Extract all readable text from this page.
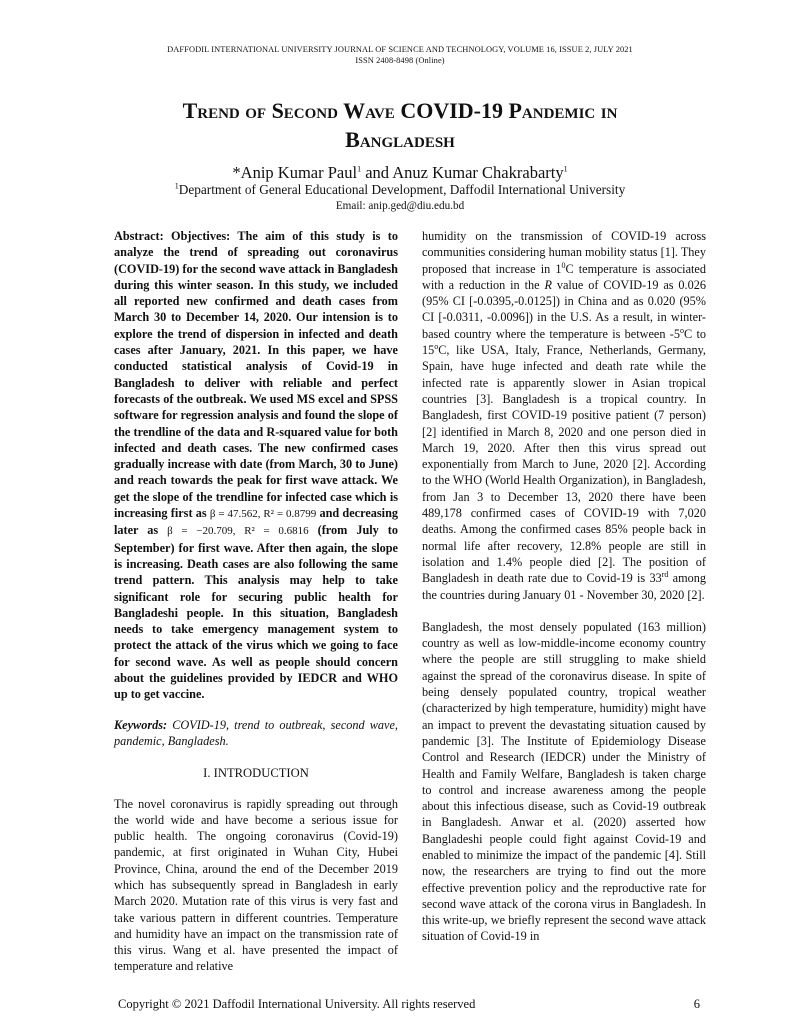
DAFFODIL INTERNATIONAL UNIVERSITY JOURNAL OF SCIENCE AND TECHNOLOGY, VOLUME 16, ISSUE 2, JULY 2021
ISSN 2408-8498 (Online)
Trend of Second Wave COVID-19 Pandemic in
Bangladesh
*Anip Kumar Paul$^1$ and Anuz Kumar Chakrabarty$^1$
$^1$Department of General Educational Development, Daffodil International University
Email: anip.ged@diu.edu.bd

Abstract: Objectives: The aim of this study is to analyze the trend of spreading out coronavirus (COVID-19) for the second wave attack in Bangladesh during this winter season. In this study, we included all reported new confirmed and death cases from March 30 to December 14, 2020. Our intension is to explore the trend of dispersion in infected and death cases after January, 2021. In this paper, we have conducted statistical analysis of Covid-19 in Bangladesh to deliver with reliable and perfect forecasts of the outbreak. We used MS excel and SPSS software for regression analysis and found the slope of the trendline of the data and R-squared value for both infected and death cases. The new confirmed cases gradually increase with date (from March, 30 to June) and reach towards the peak for first wave attack. We get the slope of the trendline for infected case which is increasing first as β = 47.562, R² = 0.8799 and decreasing later as β = −20.709, R² = 0.6816 (from July to September) for first wave. After then again, the slope is increasing. Death cases are also following the same trend pattern. This analysis may help to take significant role for securing public health for Bangladeshi people. In this situation, Bangladesh needs to take emergency management system to protect the attack of the virus which we going to face for second wave. As well as people should concern about the guidelines provided by IEDCR and WHO up to get vaccine.

Keywords: COVID-19, trend to outbreak, second wave, pandemic, Bangladesh.

I. INTRODUCTION

The novel coronavirus is rapidly spreading out through the world wide and have become a serious issue for public health. The ongoing coronavirus (Covid-19) pandemic, at first originated in Wuhan City, Hubei Province, China, around the end of the December 2019 which has subsequently spread in Bangladesh in early March 2020. Mutation rate of this virus is very fast and take various pattern in different countries. Temperature and humidity have an impact on the transmission rate of this virus. Wang et al. have presented the impact of temperature and relative

humidity on the transmission of COVID-19 across communities considering human mobility status [1]. They proposed that increase in $1^0C$ temperature is associated with a reduction in the R value of COVID-19 as 0.026 (95% CI [-0.0395,-0.0125]) in China and as 0.020 (95% CI [-0.0311, -0.0096]) in the U.S. As a result, in winter-based country where the temperature is between -5$^o$C to 15$^o$C, like USA, Italy, France, Netherlands, Germany, Spain, have huge infected and death rate while the infected rate is apparently slower in Asian tropical countries [3]. Bangladesh is a tropical country. In Bangladesh, first COVID-19 positive patient (7 person) [2] identified in March 8, 2020 and one person died in March 19, 2020. After then this virus spread out exponentially from March to June, 2020 [2]. According to the WHO (World Health Organization), in Bangladesh, from Jan 3 to December 13, 2020 there have been 489,178 confirmed cases of COVID-19 with 7,020 deaths. Among the confirmed cases 85% people back in normal life after recovery, 12.8% people are still in isolation and 1.4% people died [2]. The position of Bangladesh in death rate due to Covid-19 is 33rd among the countries during January 01 - November 30, 2020 [2].

Bangladesh, the most densely populated (163 million) country as well as low-middle-income economy country where the people are still struggling to make shield against the spread of the coronavirus disease. In spite of being densely populated country, tropical weather (characterized by high temperature, humidity) might have an impact to prevent the devastating situation caused by pandemic [3]. The Institute of Epidemiology Disease Control and Research (IEDCR) under the Ministry of Health and Family Welfare, Bangladesh is taken charge to control and increase awareness among the people about this infectious disease, such as Covid-19 outbreak in Bangladesh. Anwar et al. (2020) asserted how Bangladeshi people could fight against Covid-19 and enabled to minimize the impact of the pandemic [4]. Still now, the researchers are trying to find out the more effective prevention policy and the reproductive rate for second wave attack of the corona virus in Bangladesh. In this write-up, we briefly represent the second wave attack situation of Covid-19 in

Copyright © 2021 Daffodil International University. All rights reserved	6
